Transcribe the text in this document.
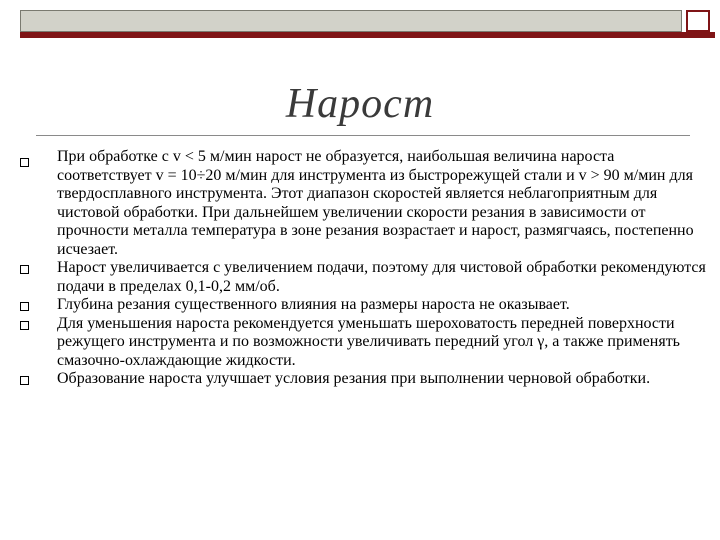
Нарост
При обработке с v < 5 м/мин нарост не образуется, наибольшая величина нароста соответствует v = 10÷20 м/мин для инструмента из быстрорежущей стали и v > 90 м/мин для твердосплавного инструмента. Этот диапазон скоростей является неблагоприятным для чистовой обработки. При дальнейшем увеличении скорости резания в зависимости от прочности металла температура в зоне резания возрастает и нарост, размягчаясь, постепенно исчезает.
Нарост увеличивается с увеличением подачи, поэтому для чистовой обработки рекомендуются подачи в пределах 0,1-0,2 мм/об.
Глубина резания существенного влияния на размеры нароста не оказывает.
Для уменьшения нароста рекомендуется уменьшать шероховатость передней поверхности режущего инструмента и по возможности увеличивать передний угол γ, а также применять смазочно-охлаждающие жидкости.
Образование нароста улучшает условия резания при выполнении черновой обработки.
